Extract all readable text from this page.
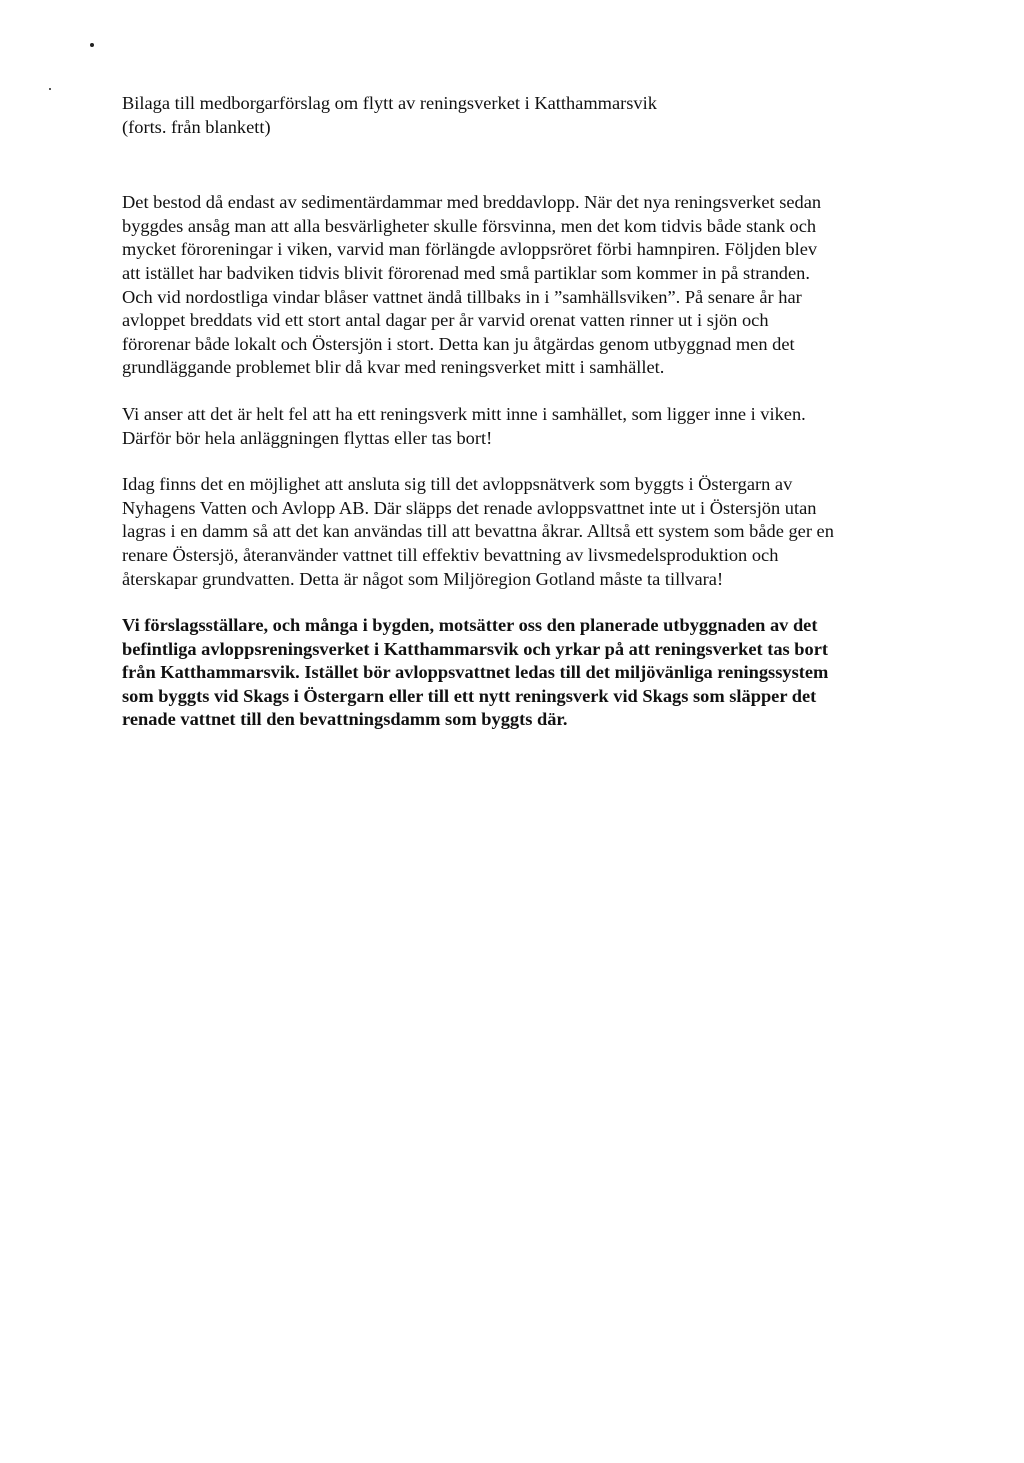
Bilaga till medborgarförslag om flytt av reningsverket i Katthammarsvik
(forts. från blankett)

Det bestod då endast av sedimentärdammar med breddavlopp. När det nya reningsverket sedan
byggdes ansåg man att alla besvärligheter skulle försvinna, men det kom tidvis både stank och
mycket föroreningar i viken, varvid man förlängde avloppsröret förbi hamnpiren. Följden blev
att istället har badviken tidvis blivit förorenad med små partiklar som kommer in på stranden.
Och vid nordostliga vindar blåser vattnet ändå tillbaks in i ”samhällsviken”. På senare år har
avloppet breddats vid ett stort antal dagar per år varvid orenat vatten rinner ut i sjön och
förorenar både lokalt och Östersjön i stort. Detta kan ju åtgärdas genom utbyggnad men det
grundläggande problemet blir då kvar med reningsverket mitt i samhället.

Vi anser att det är helt fel att ha ett reningsverk mitt inne i samhället, som ligger inne i viken.
Därför bör hela anläggningen flyttas eller tas bort!

Idag finns det en möjlighet att ansluta sig till det avloppsnätverk som byggts i Östergarn av
Nyhagens Vatten och Avlopp AB. Där släpps det renade avloppsvattnet inte ut i Östersjön utan
lagras i en damm så att det kan användas till att bevattna åkrar. Alltså ett system som både ger en
renare Östersjö, återanvänder vattnet till effektiv bevattning av livsmedelsproduktion och
återskapar grundvatten. Detta är något som Miljöregion Gotland måste ta tillvara!

Vi förslagsställare, och många i bygden, motsätter oss den planerade utbyggnaden av det
befintliga avloppsreningsverket i Katthammarsvik och yrkar på att reningsverket tas bort
från Katthammarsvik. Istället bör avloppsvattnet ledas till det miljövänliga reningssystem
som byggts vid Skags i Östergarn eller till ett nytt reningsverk vid Skags som släpper det
renade vattnet till den bevattningsdamm som byggts där.
